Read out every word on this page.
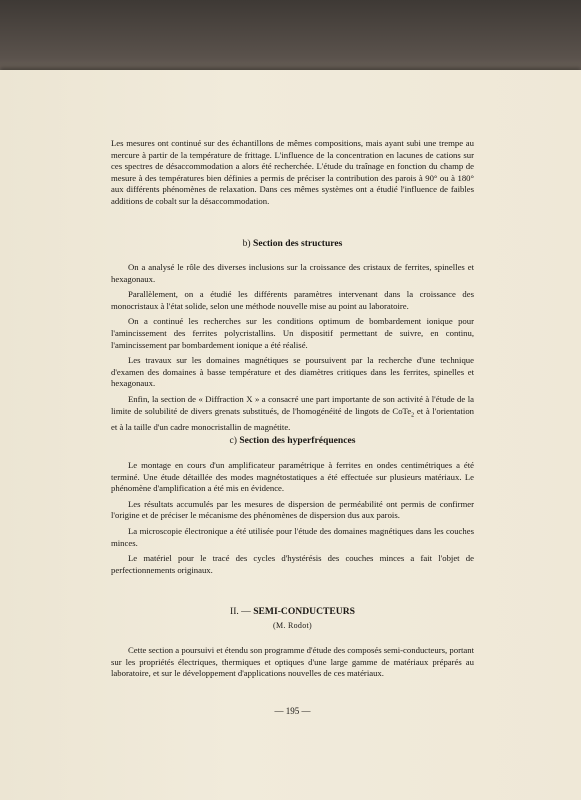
Les mesures ont continué sur des échantillons de mêmes compositions, mais ayant subi une trempe au mercure à partir de la température de frittage. L'influence de la concentration en lacunes de cations sur ces spectres de désaccommodation a alors été recherchée. L'étude du traînage en fonction du champ de mesure à des températures bien définies a permis de préciser la contribution des parois à 90° ou à 180° aux différents phénomènes de relaxation. Dans ces mêmes systèmes ont a étudié l'influence de faibles additions de cobalt sur la désaccommodation.

b) Section des structures

On a analysé le rôle des diverses inclusions sur la croissance des cristaux de ferrites, spinelles et hexagonaux.

Parallèlement, on a étudié les différents paramètres intervenant dans la croissance des monocristaux à l'état solide, selon une méthode nouvelle mise au point au laboratoire.

On a continué les recherches sur les conditions optimum de bombardement ionique pour l'amincissement des ferrites polycristallins. Un dispositif permettant de suivre, en continu, l'amincissement par bombardement ionique a été réalisé.

Les travaux sur les domaines magnétiques se poursuivent par la recherche d'une technique d'examen des domaines à basse température et des diamètres critiques dans les ferrites, spinelles et hexagonaux.

Enfin, la section de « Diffraction X » a consacré une part importante de son activité à l'étude de la limite de solubilité de divers grenats substitués, de l'homogénéité de lingots de CoTe$_2$ et à l'orientation et à la taille d'un cadre monocristallin de magnétite.

c) Section des hyperfréquences

Le montage en cours d'un amplificateur paramétrique à ferrites en ondes centimétriques a été terminé. Une étude détaillée des modes magnétostatiques a été effectuée sur plusieurs matériaux. Le phénomène d'amplification a été mis en évidence.

Les résultats accumulés par les mesures de dispersion de perméabilité ont permis de confirmer l'origine et de préciser le mécanisme des phénomènes de dispersion dus aux parois.

La microscopie électronique a été utilisée pour l'étude des domaines magnétiques dans les couches minces.

Le matériel pour le tracé des cycles d'hystérésis des couches minces a fait l'objet de perfectionnements originaux.

II. — SEMI-CONDUCTEURS
(M. Rodot)

Cette section a poursuivi et étendu son programme d'étude des composés semi-conducteurs, portant sur les propriétés électriques, thermiques et optiques d'une large gamme de matériaux préparés au laboratoire, et sur le développement d'applications nouvelles de ces matériaux.

— 195 —
